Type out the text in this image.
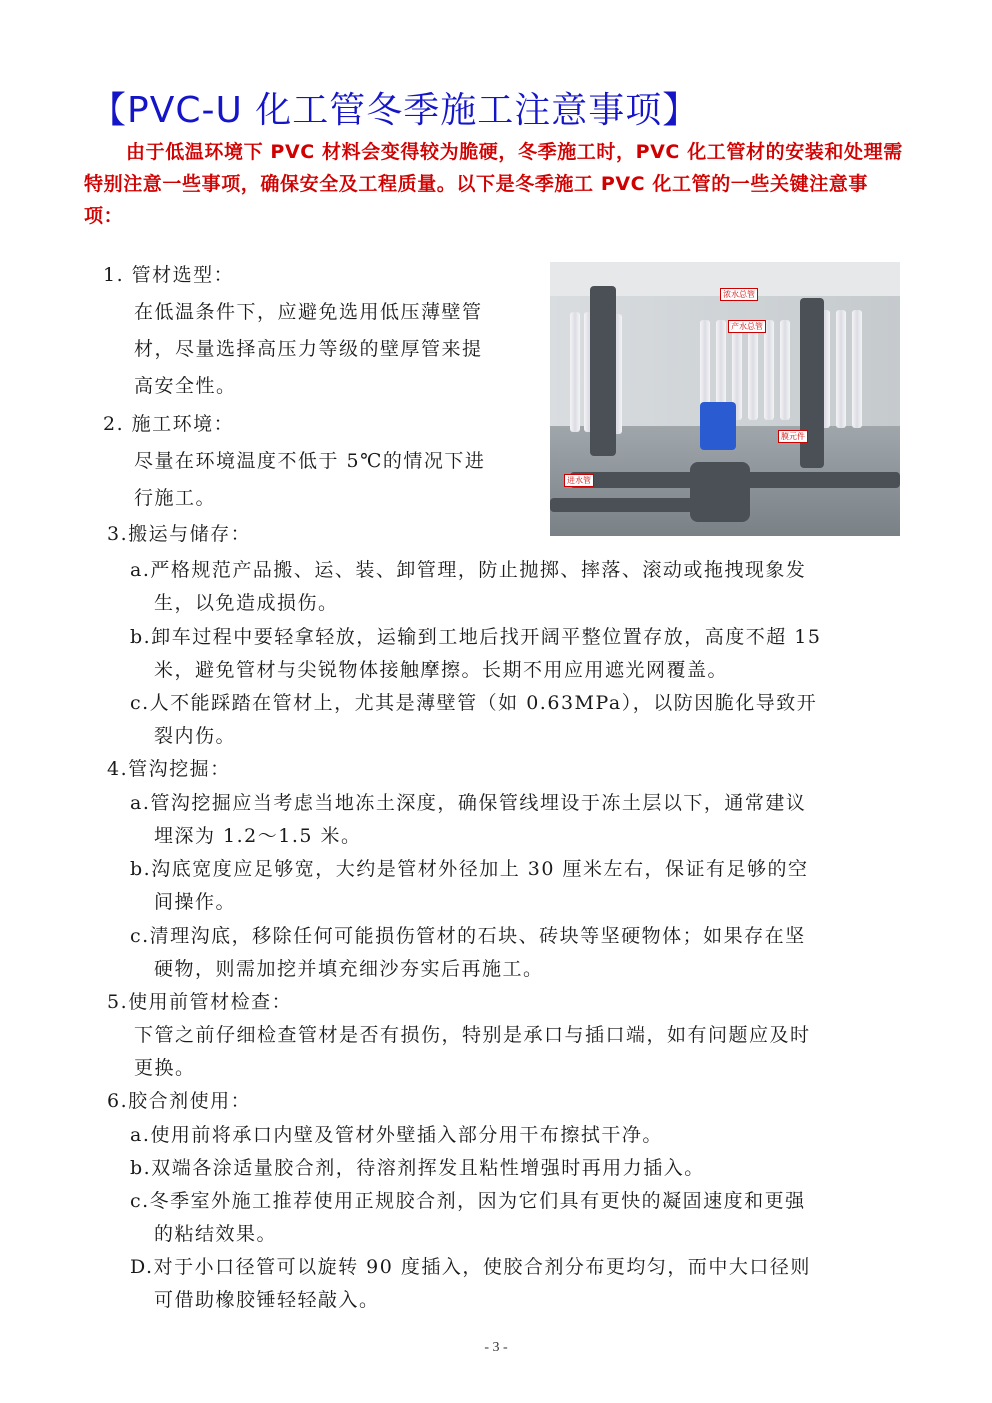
【PVC-U 化工管冬季施工注意事项】
由于低温环境下 PVC 材料会变得较为脆硬，冬季施工时，PVC 化工管材的安装和处理需特别注意一些事项，确保安全及工程质量。以下是冬季施工 PVC 化工管的一些关键注意事项：
浓水总管
产水总管
进水管
膜元件
1. 管材选型：
在低温条件下，应避免选用低压薄壁管
材，尽量选择高压力等级的壁厚管来提
高安全性。
2. 施工环境：
尽量在环境温度不低于 5℃的情况下进
行施工。
3.搬运与储存：
a.严格规范产品搬、运、装、卸管理，防止抛掷、摔落、滚动或拖拽现象发
生，以免造成损伤。
b.卸车过程中要轻拿轻放，运输到工地后找开阔平整位置存放，高度不超 15
米，避免管材与尖锐物体接触摩擦。长期不用应用遮光网覆盖。
c.人不能踩踏在管材上，尤其是薄壁管（如 0.63MPa），以防因脆化导致开
裂内伤。
4.管沟挖掘：
a.管沟挖掘应当考虑当地冻土深度，确保管线埋设于冻土层以下，通常建议
埋深为 1.2～1.5 米。
b.沟底宽度应足够宽，大约是管材外径加上 30 厘米左右，保证有足够的空
间操作。
c.清理沟底，移除任何可能损伤管材的石块、砖块等坚硬物体；如果存在坚
硬物，则需加挖并填充细沙夯实后再施工。
5.使用前管材检查：
下管之前仔细检查管材是否有损伤，特别是承口与插口端，如有问题应及时
更换。
6.胶合剂使用：
a.使用前将承口内壁及管材外壁插入部分用干布擦拭干净。
b.双端各涂适量胶合剂，待溶剂挥发且粘性增强时再用力插入。
c.冬季室外施工推荐使用正规胶合剂，因为它们具有更快的凝固速度和更强
的粘结效果。
D.对于小口径管可以旋转 90 度插入，使胶合剂分布更均匀，而中大口径则
可借助橡胶锤轻轻敲入。
- 3 -
